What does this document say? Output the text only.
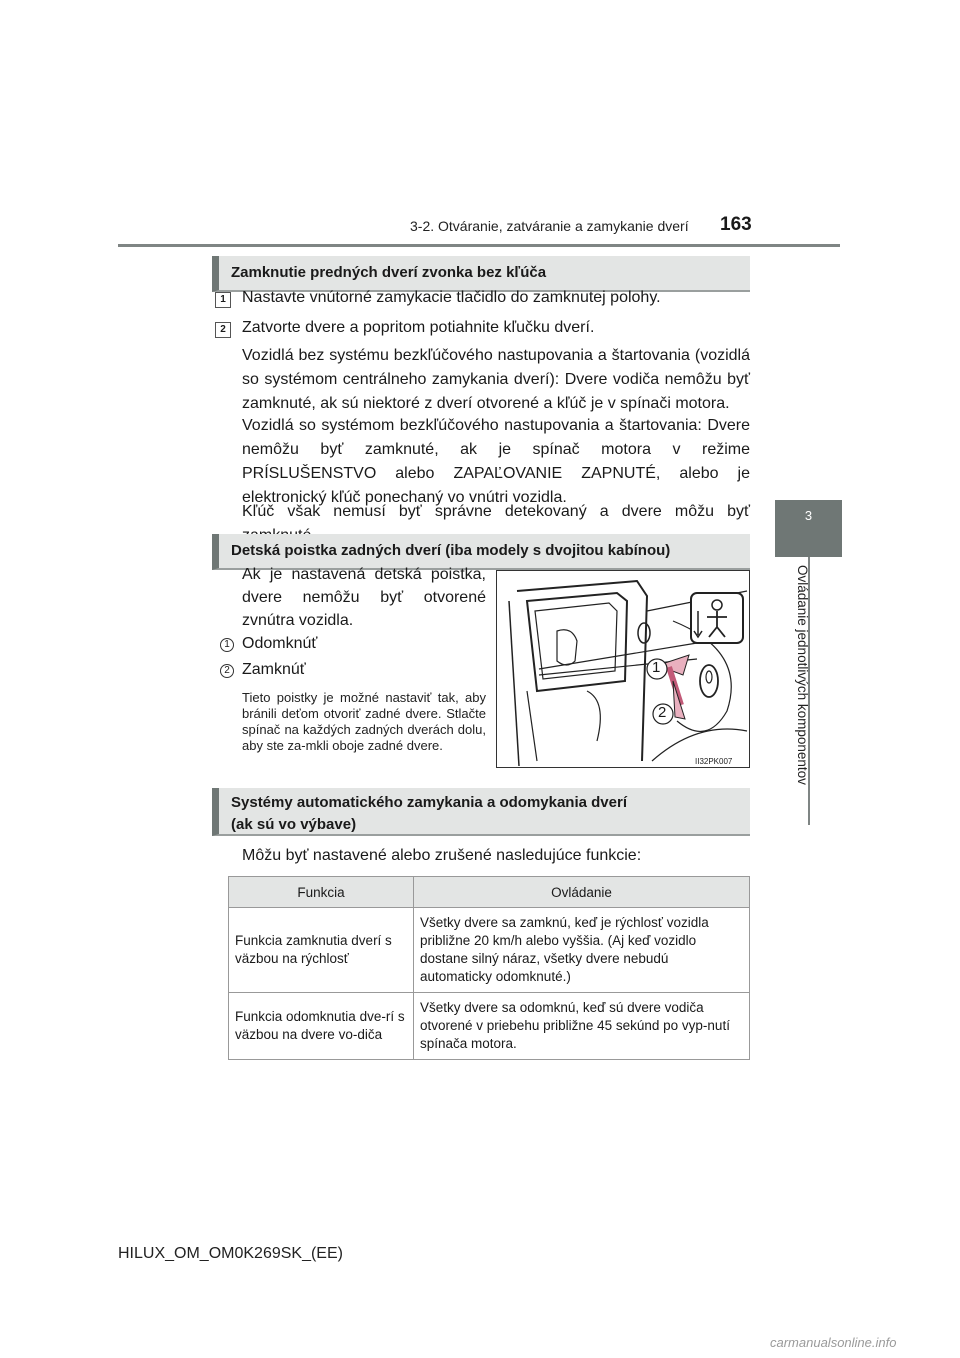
3-2. Otváranie, zatváranie a zamykanie dverí 163
3
Ovládanie jednotlivých komponentov
Zamknutie predných dverí zvonka bez kľúča
1	Nastavte vnútorné zamykacie tlačidlo do zamknutej polohy.
2	Zatvorte dvere a popritom potiahnite kľučku dverí.
Vozidlá bez systému bezkľúčového nastupovania a štartovania (vozidlá so systémom centrálneho zamykania dverí): Dvere vodiča nemôžu byť zamknuté, ak sú niektoré z dverí otvorené a kľúč je v spínači motora.
Vozidlá so systémom bezkľúčového nastupovania a štartovania: Dvere nemôžu byť zamknuté, ak je spínač motora v režime PRÍSLUŠENSTVO alebo ZAPAĽOVANIE ZAPNUTÉ, alebo je elektronický kľúč ponechaný vo vnútri vozidla.
Kľúč však nemusí byť správne detekovaný a dvere môžu byť
Detská poistka zadných dverí (iba modely s dvojitou kabínou)
Ak je nastavená detská poistka, dvere nemôžu byť otvorené zvnútra vozidla.
1 Odomknúť
2 Zamknúť
Tieto poistky je možné nastaviť tak, aby bránili deťom otvoriť zadné dvere. Stlačte spínač na každých zadných dverách dolu, aby ste za-mkli oboje zadné dvere.
1
2
II32PK007
Systémy automatického zamykania a odomykania dverí
(ak sú vo výbave)
Môžu byť nastavené alebo zrušené nasledujúce funkcie:
Funkcia	Ovládanie
Funkcia zamknutia dverí s väzbou na rýchlosť	Všetky dvere sa zamknú, keď je rýchlosť vozidla približne 20 km/h alebo vyššia. (Aj keď vozidlo dostane silný náraz, všetky dvere nebudú automaticky odomknuté.)
Funkcia odomknutia dve-rí s väzbou na dvere vo-diča	Všetky dvere sa odomknú, keď sú dvere vodiča otvorené v priebehu približne 45 sekúnd po vyp-nutí spínača motora.
HILUX_OM_OM0K269SK_(EE)
carmanualsonline.info
